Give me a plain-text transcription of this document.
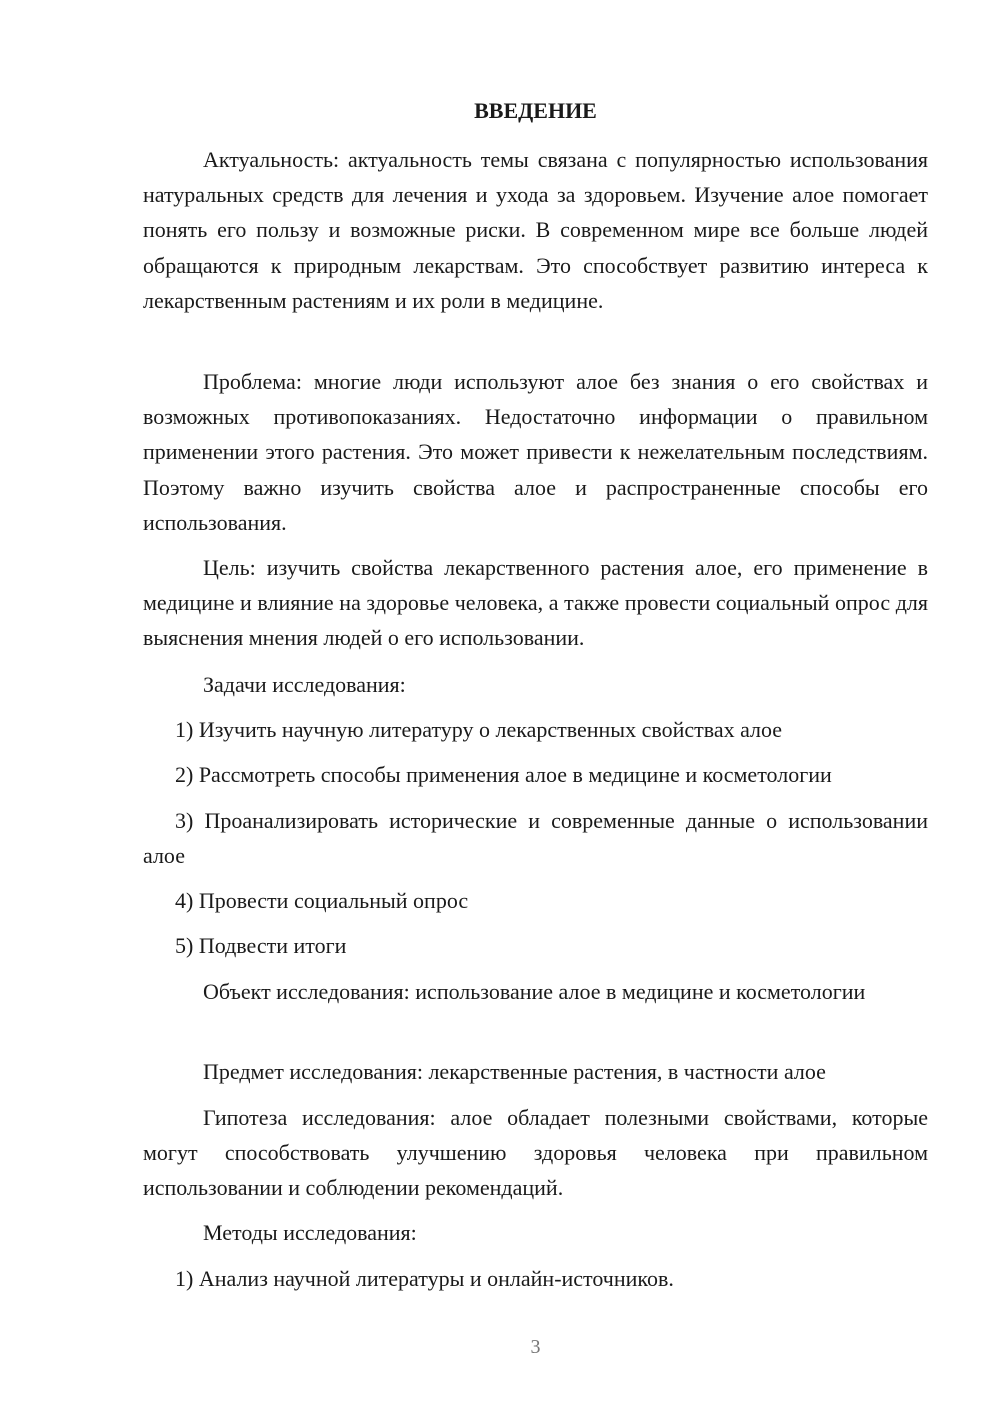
ВВЕДЕНИЕ

Актуальность: актуальность темы связана с популярностью использования натуральных средств для лечения и ухода за здоровьем. Изучение алое помогает понять его пользу и возможные риски. В современном мире все больше людей обращаются к природным лекарствам. Это способствует развитию интереса к лекарственным растениям и их роли в медицине.

Проблема: многие люди используют алое без знания о его свойствах и возможных противопоказаниях. Недостаточно информации о правильном применении этого растения. Это может привести к нежелательным последствиям. Поэтому важно изучить свойства алое и распространенные способы его использования.

Цель: изучить свойства лекарственного растения алое, его применение в медицине и влияние на здоровье человека, а также провести социальный опрос для выяснения мнения людей о его использовании.

Задачи исследования:

1) Изучить научную литературу о лекарственных свойствах алое

2) Рассмотреть способы применения алое в медицине и косметологии

3) Проанализировать исторические и современные данные о использовании алое

4) Провести социальный опрос

5) Подвести итоги

Объект исследования: использование алое в медицине и косметологии

Предмет исследования: лекарственные растения, в частности алое

Гипотеза исследования: алое обладает полезными свойствами, которые могут способствовать улучшению здоровья человека при правильном использовании и соблюдении рекомендаций.

Методы исследования:

1) Анализ научной литературы и онлайн-источников.

3
